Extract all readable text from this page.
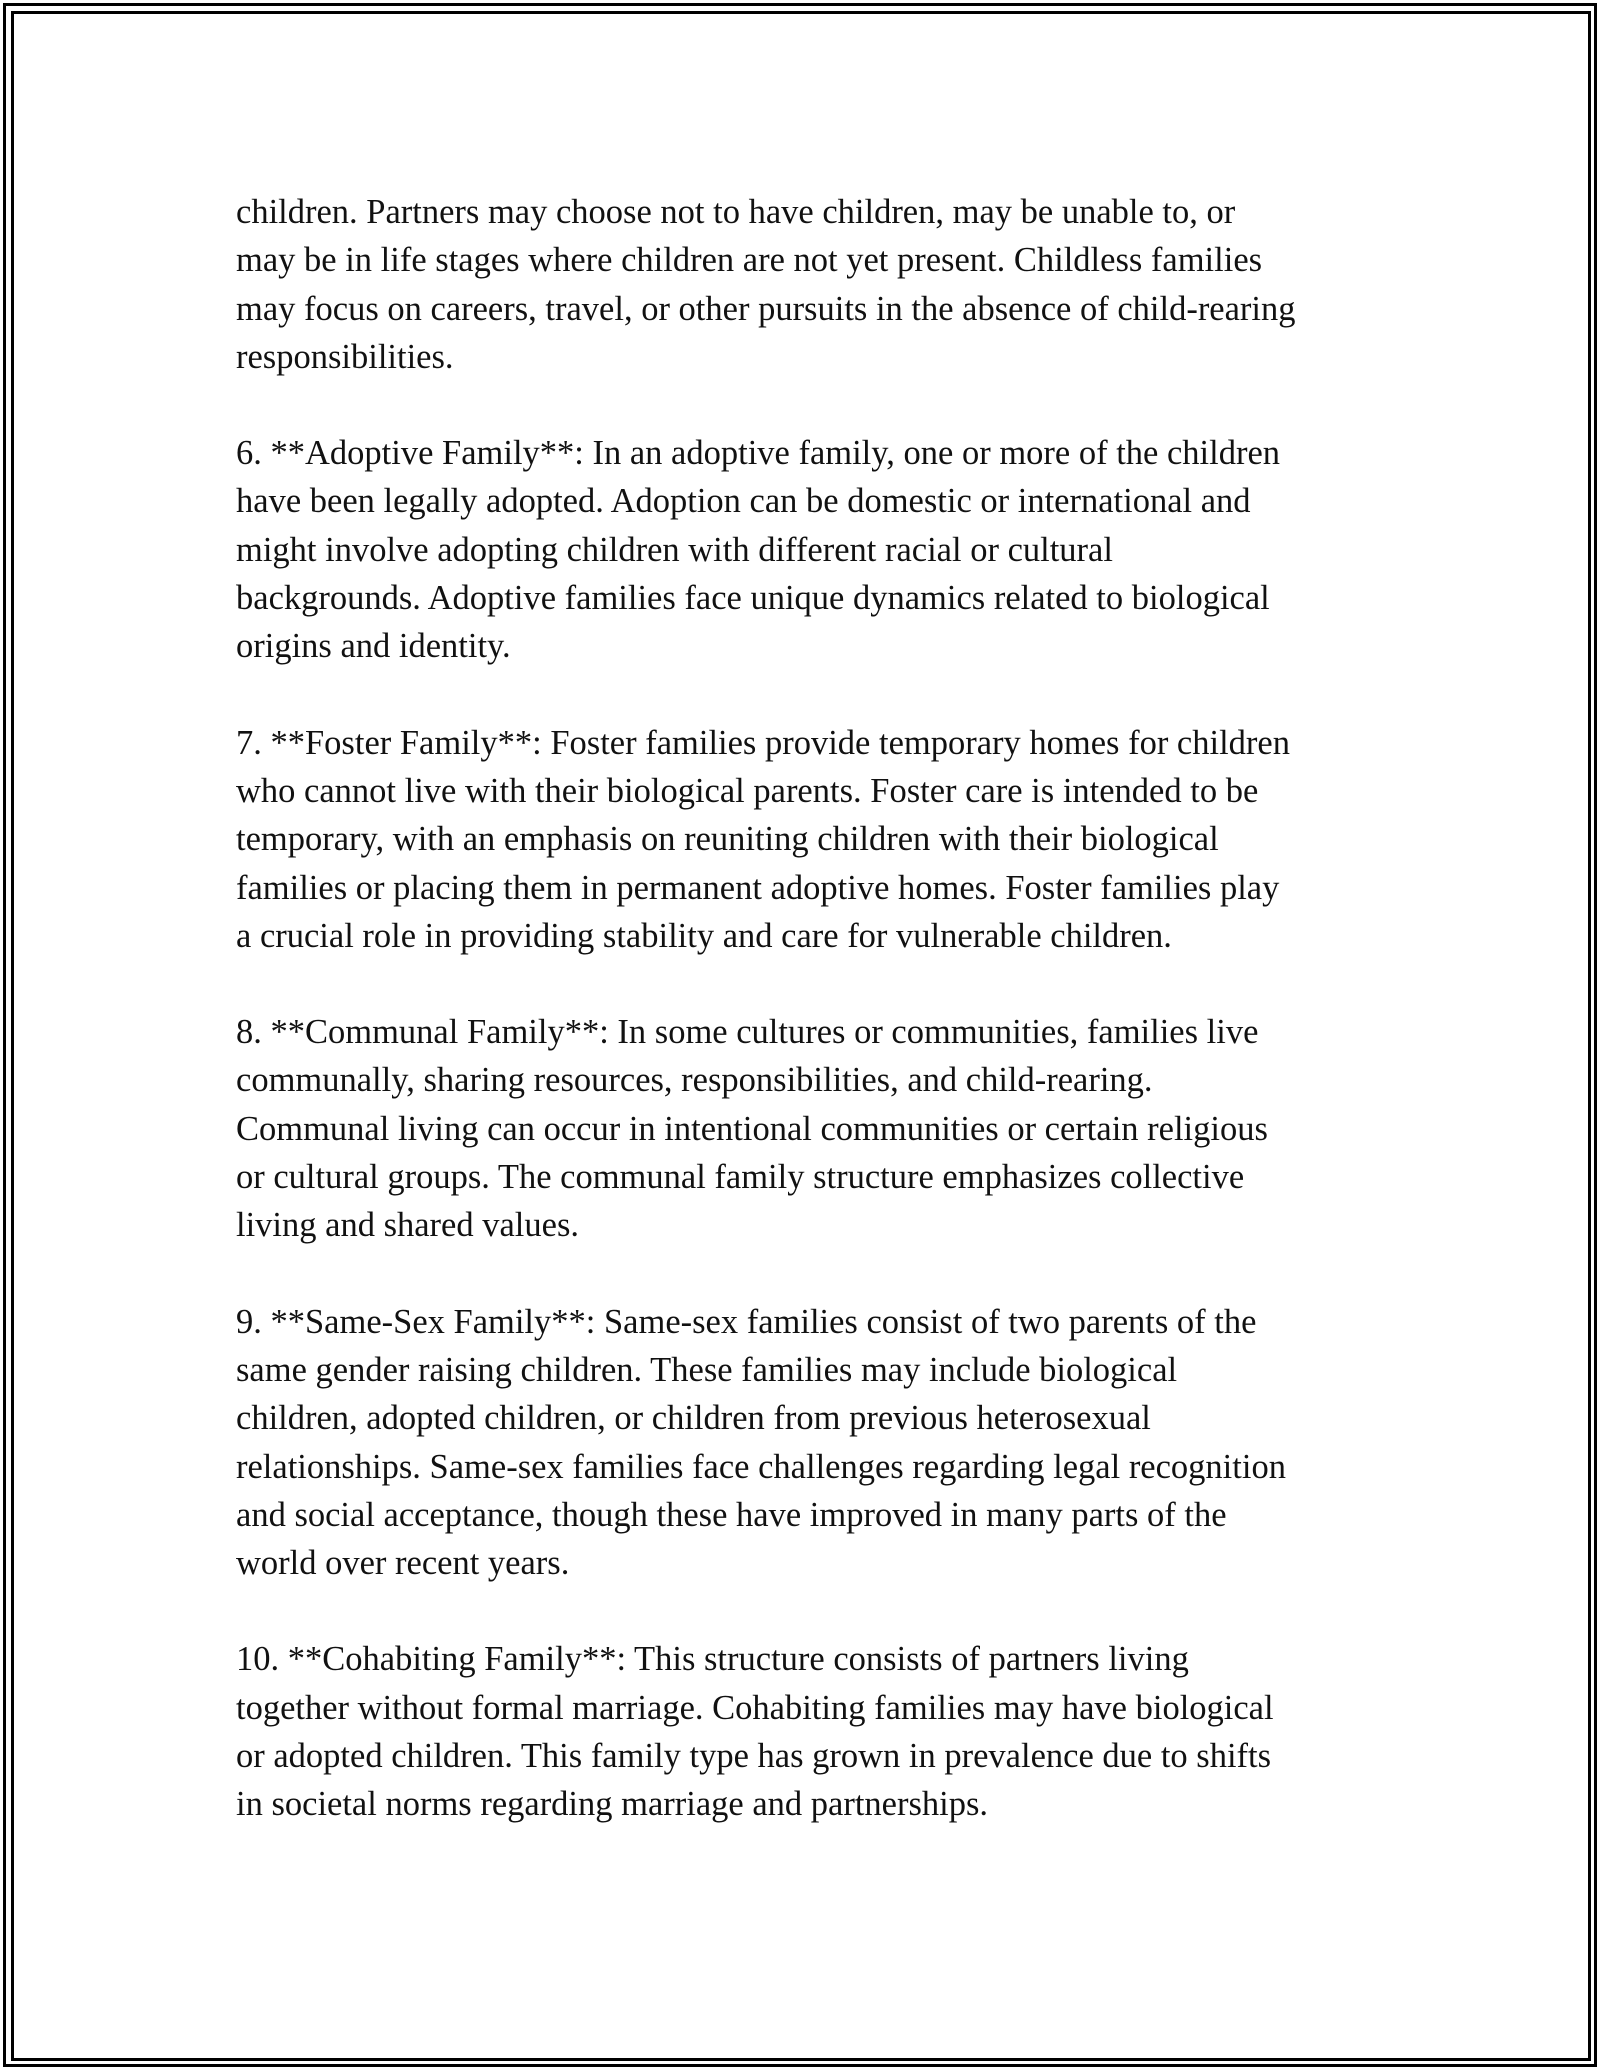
children. Partners may choose not to have children, may be unable to, or
may be in life stages where children are not yet present. Childless families
may focus on careers, travel, or other pursuits in the absence of child-rearing
responsibilities.

6. **Adoptive Family**: In an adoptive family, one or more of the children
have been legally adopted. Adoption can be domestic or international and
might involve adopting children with different racial or cultural
backgrounds. Adoptive families face unique dynamics related to biological
origins and identity.

7. **Foster Family**: Foster families provide temporary homes for children
who cannot live with their biological parents. Foster care is intended to be
temporary, with an emphasis on reuniting children with their biological
families or placing them in permanent adoptive homes. Foster families play
a crucial role in providing stability and care for vulnerable children.

8. **Communal Family**: In some cultures or communities, families live
communally, sharing resources, responsibilities, and child-rearing.
Communal living can occur in intentional communities or certain religious
or cultural groups. The communal family structure emphasizes collective
living and shared values.

9. **Same-Sex Family**: Same-sex families consist of two parents of the
same gender raising children. These families may include biological
children, adopted children, or children from previous heterosexual
relationships. Same-sex families face challenges regarding legal recognition
and social acceptance, though these have improved in many parts of the
world over recent years.

10. **Cohabiting Family**: This structure consists of partners living
together without formal marriage. Cohabiting families may have biological
or adopted children. This family type has grown in prevalence due to shifts
in societal norms regarding marriage and partnerships.
